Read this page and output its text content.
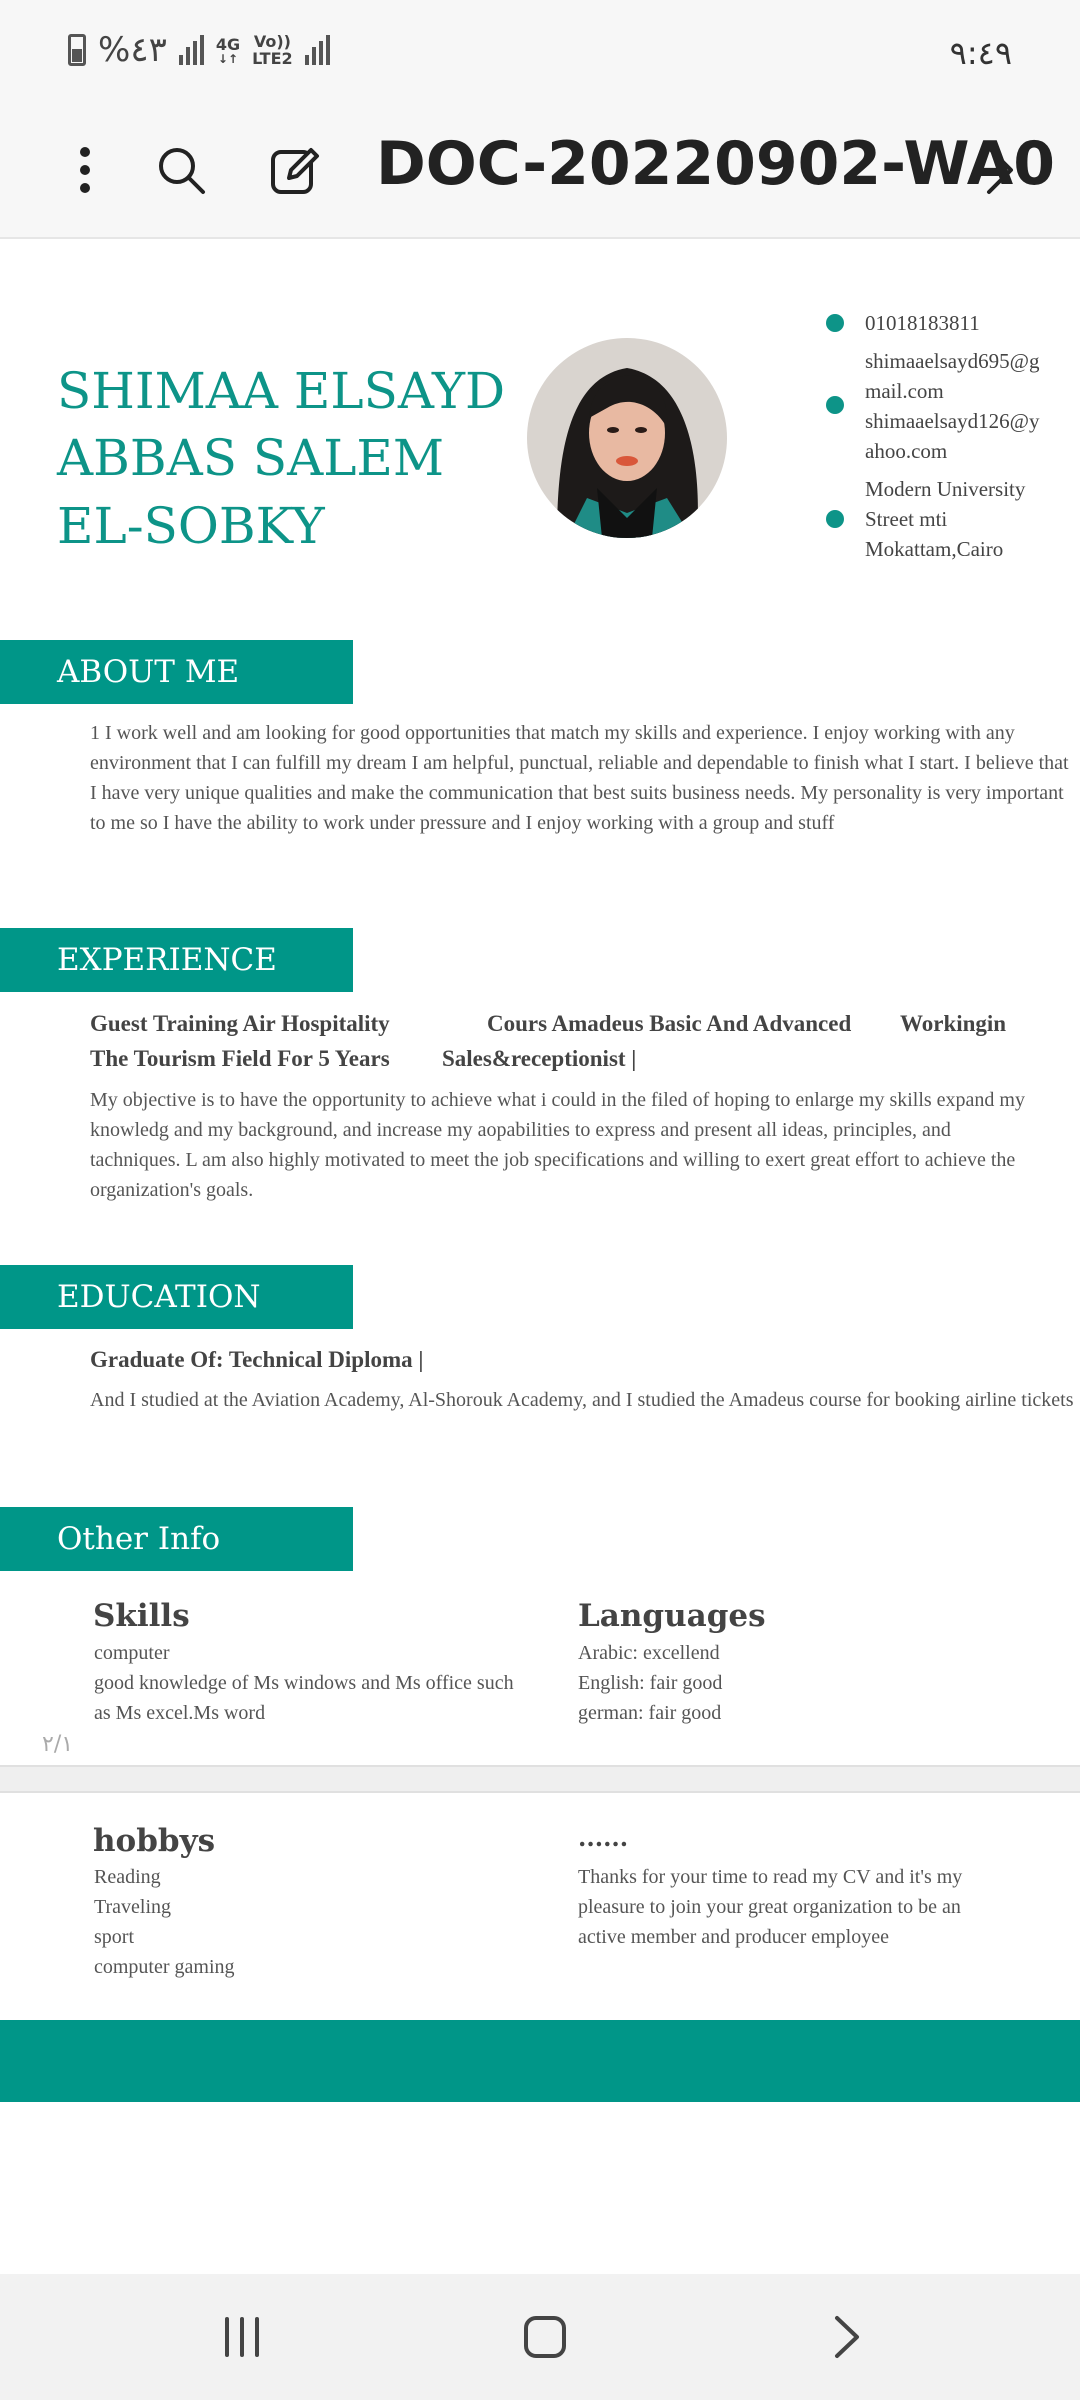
%٤٣	4G
↓↑
Vo))
LTE2	٩:٤٩
DOC-20220902-WA0
SHIMAA ELSAYD
ABBAS SALEM
EL-SOBKY
01018183811
shimaaelsayd695@g
mail.com
shimaaelsayd126@y
ahoo.com
Modern University
Street mti
Mokattam,Cairo
ABOUT ME
1 I work well and am looking for good opportunities that match my skills and experience. I enjoy working with any environment that I can fulfill my dream I am helpful, punctual, reliable and dependable to finish what I start. I believe that I have very unique qualities and make the communication that best suits business needs. My personality is very important to me so I have the ability to work under pressure and I enjoy working with a group and stuff
EXPERIENCE
Guest Training Air Hospitality	Cours Amadeus Basic And Advanced Workingin
The Tourism Field For 5 Years Sales&receptionist |
My objective is to have the opportunity to achieve what i could in the filed of hoping to enlarge my skills expand my knowledg and my background, and increase my aopabilities to express and present all ideas, principles, and tachniques. L am also highly motivated to meet the job specifications and willing to exert great effort to achieve the organization's goals.
EDUCATION
Graduate Of: Technical Diploma |
And I studied at the Aviation Academy, Al-Shorouk Academy, and I studied the Amadeus course for booking airline tickets
Other Info
Skills
computer
good knowledge of Ms windows and Ms office such
as Ms excel.Ms word
Languages
Arabic: excellend
English: fair good
german: fair good
٢/١
hobbys
Reading
Traveling
sport
computer gaming
......
Thanks for your time to read my CV and it's my
pleasure to join your great organization to be an
active member and producer employee
